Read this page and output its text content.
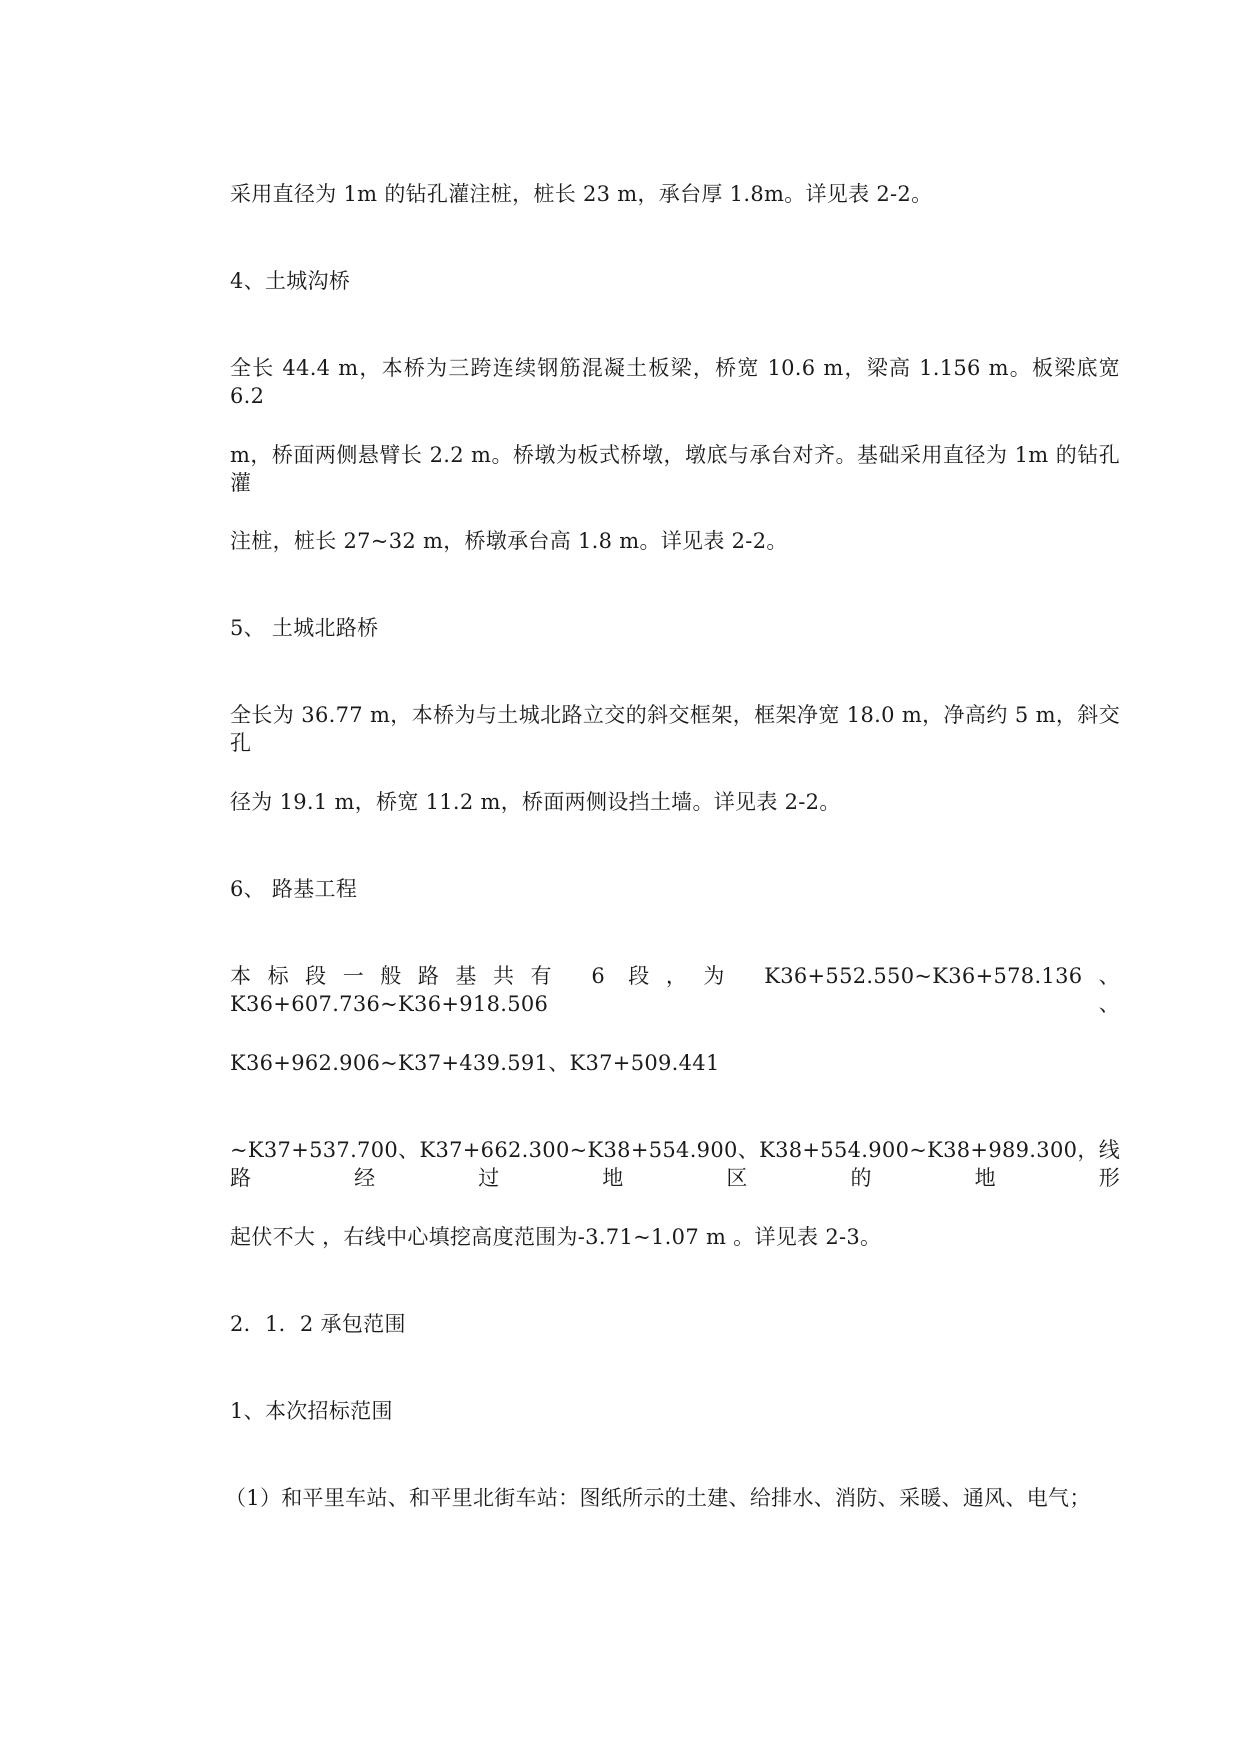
采用直径为 1m 的钻孔灌注桩，桩长 23 m，承台厚 1.8m。详见表 2-2。
4、土城沟桥
全长 44.4 m，本桥为三跨连续钢筋混凝土板梁，桥宽 10.6 m，梁高 1.156 m。板梁底宽 6.2
m，桥面两侧悬臂长 2.2 m。桥墩为板式桥墩，墩底与承台对齐。基础采用直径为 1m 的钻孔灌
注桩，桩长 27~32 m，桥墩承台高 1.8 m。详见表 2-2。
5、 土城北路桥
全长为 36.77 m，本桥为与土城北路立交的斜交框架，框架净宽 18.0 m，净高约 5 m，斜交孔
径为 19.1 m，桥宽 11.2 m，桥面两侧设挡土墙。详见表 2-2。
6、 路基工程
本标段一般路基共有 6 段，为 K36+552.550~K36+578.136、K36+607.736~K36+918.506、
K36+962.906~K37+439.591、K37+509.441
~K37+537.700、K37+662.300~K38+554.900、K38+554.900~K38+989.300，线路经过地区的地形
起伏不大 ，右线中心填挖高度范围为-3.71~1.07 m 。详见表 2-3。
2．1．2 承包范围
1、本次招标范围
（1）和平里车站、和平里北街车站：图纸所示的土建、给排水、消防、采暖、通风、电气；
